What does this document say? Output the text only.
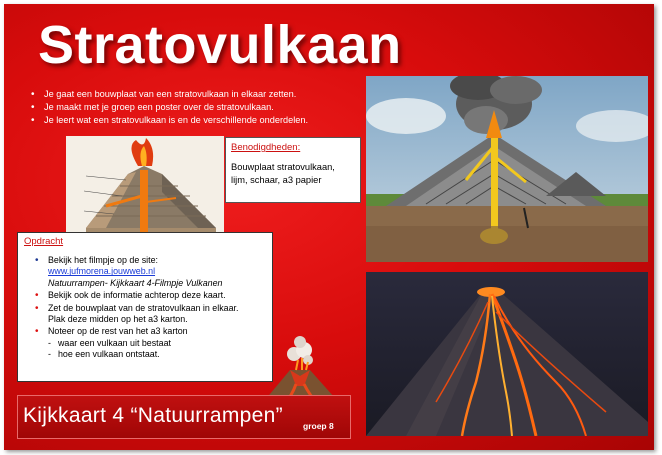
Stratovulkaan
• Je gaat een bouwplaat van een stratovulkaan in elkaar zetten.
• Je maakt met je groep een poster over de stratovulkaan.
• Je leert wat een stratovulkaan is en de verschillende onderdelen.
Benodigdheden:
Bouwplaat stratovulkaan,
lijm, schaar, a3 papier
Opdracht
• Bekijk het filmpje op de site:
www.jufmorena.jouwweb.nl
Natuurrampen- Kijkkaart 4-Filmpje Vulkanen
• Bekijk ook de informatie achterop deze kaart.
• Zet de bouwplaat van de stratovulkaan in elkaar.
Plak deze midden op het a3 karton.
• Noteer op de rest van het a3 karton
- waar een vulkaan uit bestaat
- hoe een vulkaan ontstaat.
Kijkkaart 4 “Natuurrampen” groep 8
